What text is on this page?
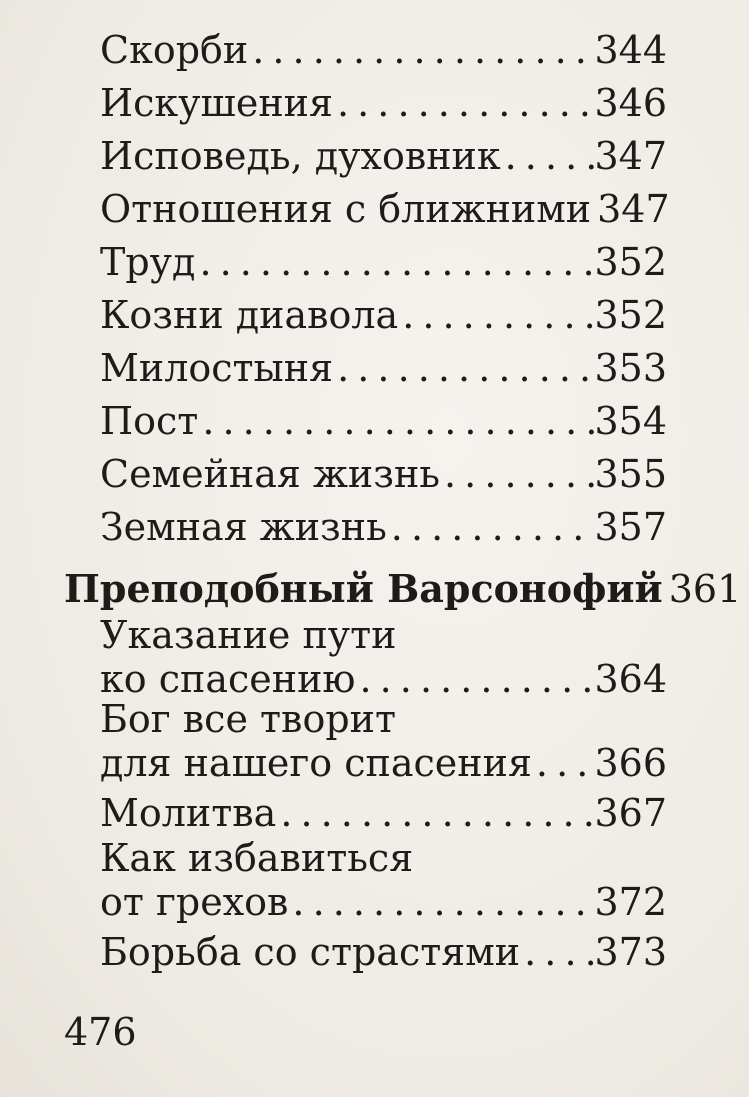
Скорби . . .	344
Искушения . . .	346
Исповедь, духовник . . . 347
Отношения с ближними . . . 347
Труд . . .	352
Козни диавола . . .	352
Милостыня . . .	353
Пост . . .	354
Семейная жизнь . . .	355
Земная жизнь . . .	357
Преподобный Варсонофий . . . 361
Указание пути
ко спасению . . .	364
Бог все творит
для нашего спасения . . . 366
Молитва . . .	367
Как избавиться
от грехов . . .	372
Борьба со страстями . . . 373
476
